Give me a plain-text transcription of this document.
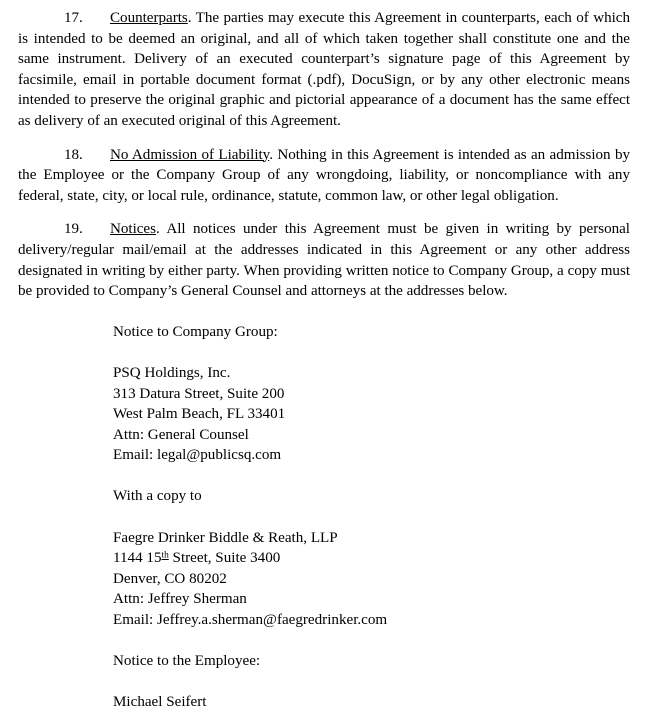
17. Counterparts. The parties may execute this Agreement in counterparts, each of which is intended to be deemed an original, and all of which taken together shall constitute one and the same instrument. Delivery of an executed counterpart’s signature page of this Agreement by facsimile, email in portable document format (.pdf), DocuSign, or by any other electronic means intended to preserve the original graphic and pictorial appearance of a document has the same effect as delivery of an executed original of this Agreement.

18. No Admission of Liability. Nothing in this Agreement is intended as an admission by the Employee or the Company Group of any wrongdoing, liability, or noncompliance with any federal, state, city, or local rule, ordinance, statute, common law, or other legal obligation.

19. Notices. All notices under this Agreement must be given in writing by personal delivery/regular mail/email at the addresses indicated in this Agreement or any other address designated in writing by either party. When providing written notice to Company Group, a copy must be provided to Company’s General Counsel and attorneys at the addresses below.

Notice to Company Group:
PSQ Holdings, Inc.
313 Datura Street, Suite 200
West Palm Beach, FL 33401
Attn: General Counsel
Email: legal@publicsq.com
With a copy to
Faegre Drinker Biddle & Reath, LLP
1144 15th Street, Suite 3400
Denver, CO 80202
Attn: Jeffrey Sherman
Email: Jeffrey.a.sherman@faegredrinker.com
Notice to the Employee:
Michael Seifert
